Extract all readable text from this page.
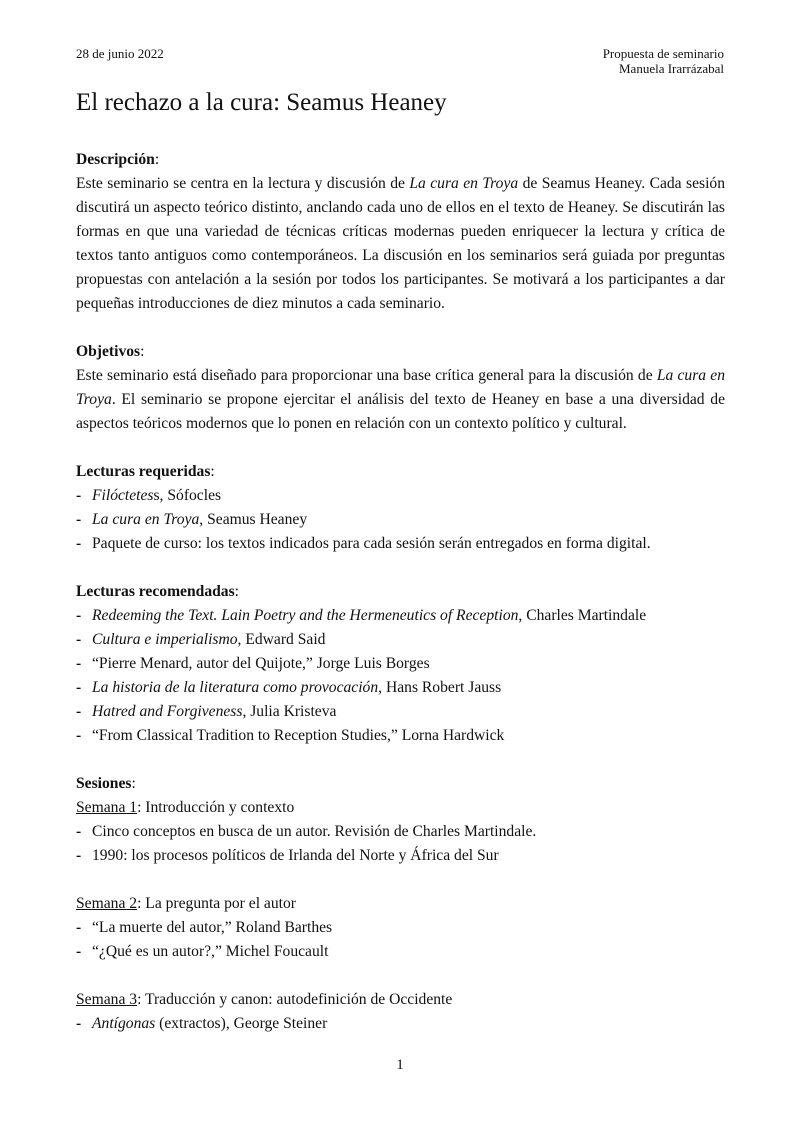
28 de junio 2022	Propuesta de seminario
Manuela Irarrázabal
El rechazo a la cura: Seamus Heaney
Descripción:

Este seminario se centra en la lectura y discusión de La cura en Troya de Seamus Heaney. Cada sesión discutirá un aspecto teórico distinto, anclando cada uno de ellos en el texto de Heaney. Se discutirán las formas en que una variedad de técnicas críticas modernas pueden enriquecer la lectura y crítica de textos tanto antiguos como contemporáneos. La discusión en los seminarios será guiada por preguntas propuestas con antelación a la sesión por todos los participantes. Se motivará a los participantes a dar pequeñas introducciones de diez minutos a cada seminario.

Objetivos:

Este seminario está diseñado para proporcionar una base crítica general para la discusión de La cura en Troya. El seminario se propone ejercitar el análisis del texto de Heaney en base a una diversidad de aspectos teóricos modernos que lo ponen en relación con un contexto político y cultural.

Lecturas requeridas:
- Filóctetess, Sófocles
- La cura en Troya, Seamus Heaney
- Paquete de curso: los textos indicados para cada sesión serán entregados en forma digital.
Lecturas recomendadas:
- Redeeming the Text. Lain Poetry and the Hermeneutics of Reception, Charles Martindale
- Cultura e imperialismo, Edward Said
- “Pierre Menard, autor del Quijote,” Jorge Luis Borges
- La historia de la literatura como provocación, Hans Robert Jauss
- Hatred and Forgiveness, Julia Kristeva
- “From Classical Tradition to Reception Studies,” Lorna Hardwick
Sesiones:
Semana 1: Introducción y contexto
- Cinco conceptos en busca de un autor. Revisión de Charles Martindale.
- 1990: los procesos políticos de Irlanda del Norte y África del Sur
Semana 2: La pregunta por el autor
- “La muerte del autor,” Roland Barthes
- “¿Qué es un autor?,” Michel Foucault
Semana 3: Traducción y canon: autodefinición de Occidente
- Antígonas (extractos), George Steiner
1
